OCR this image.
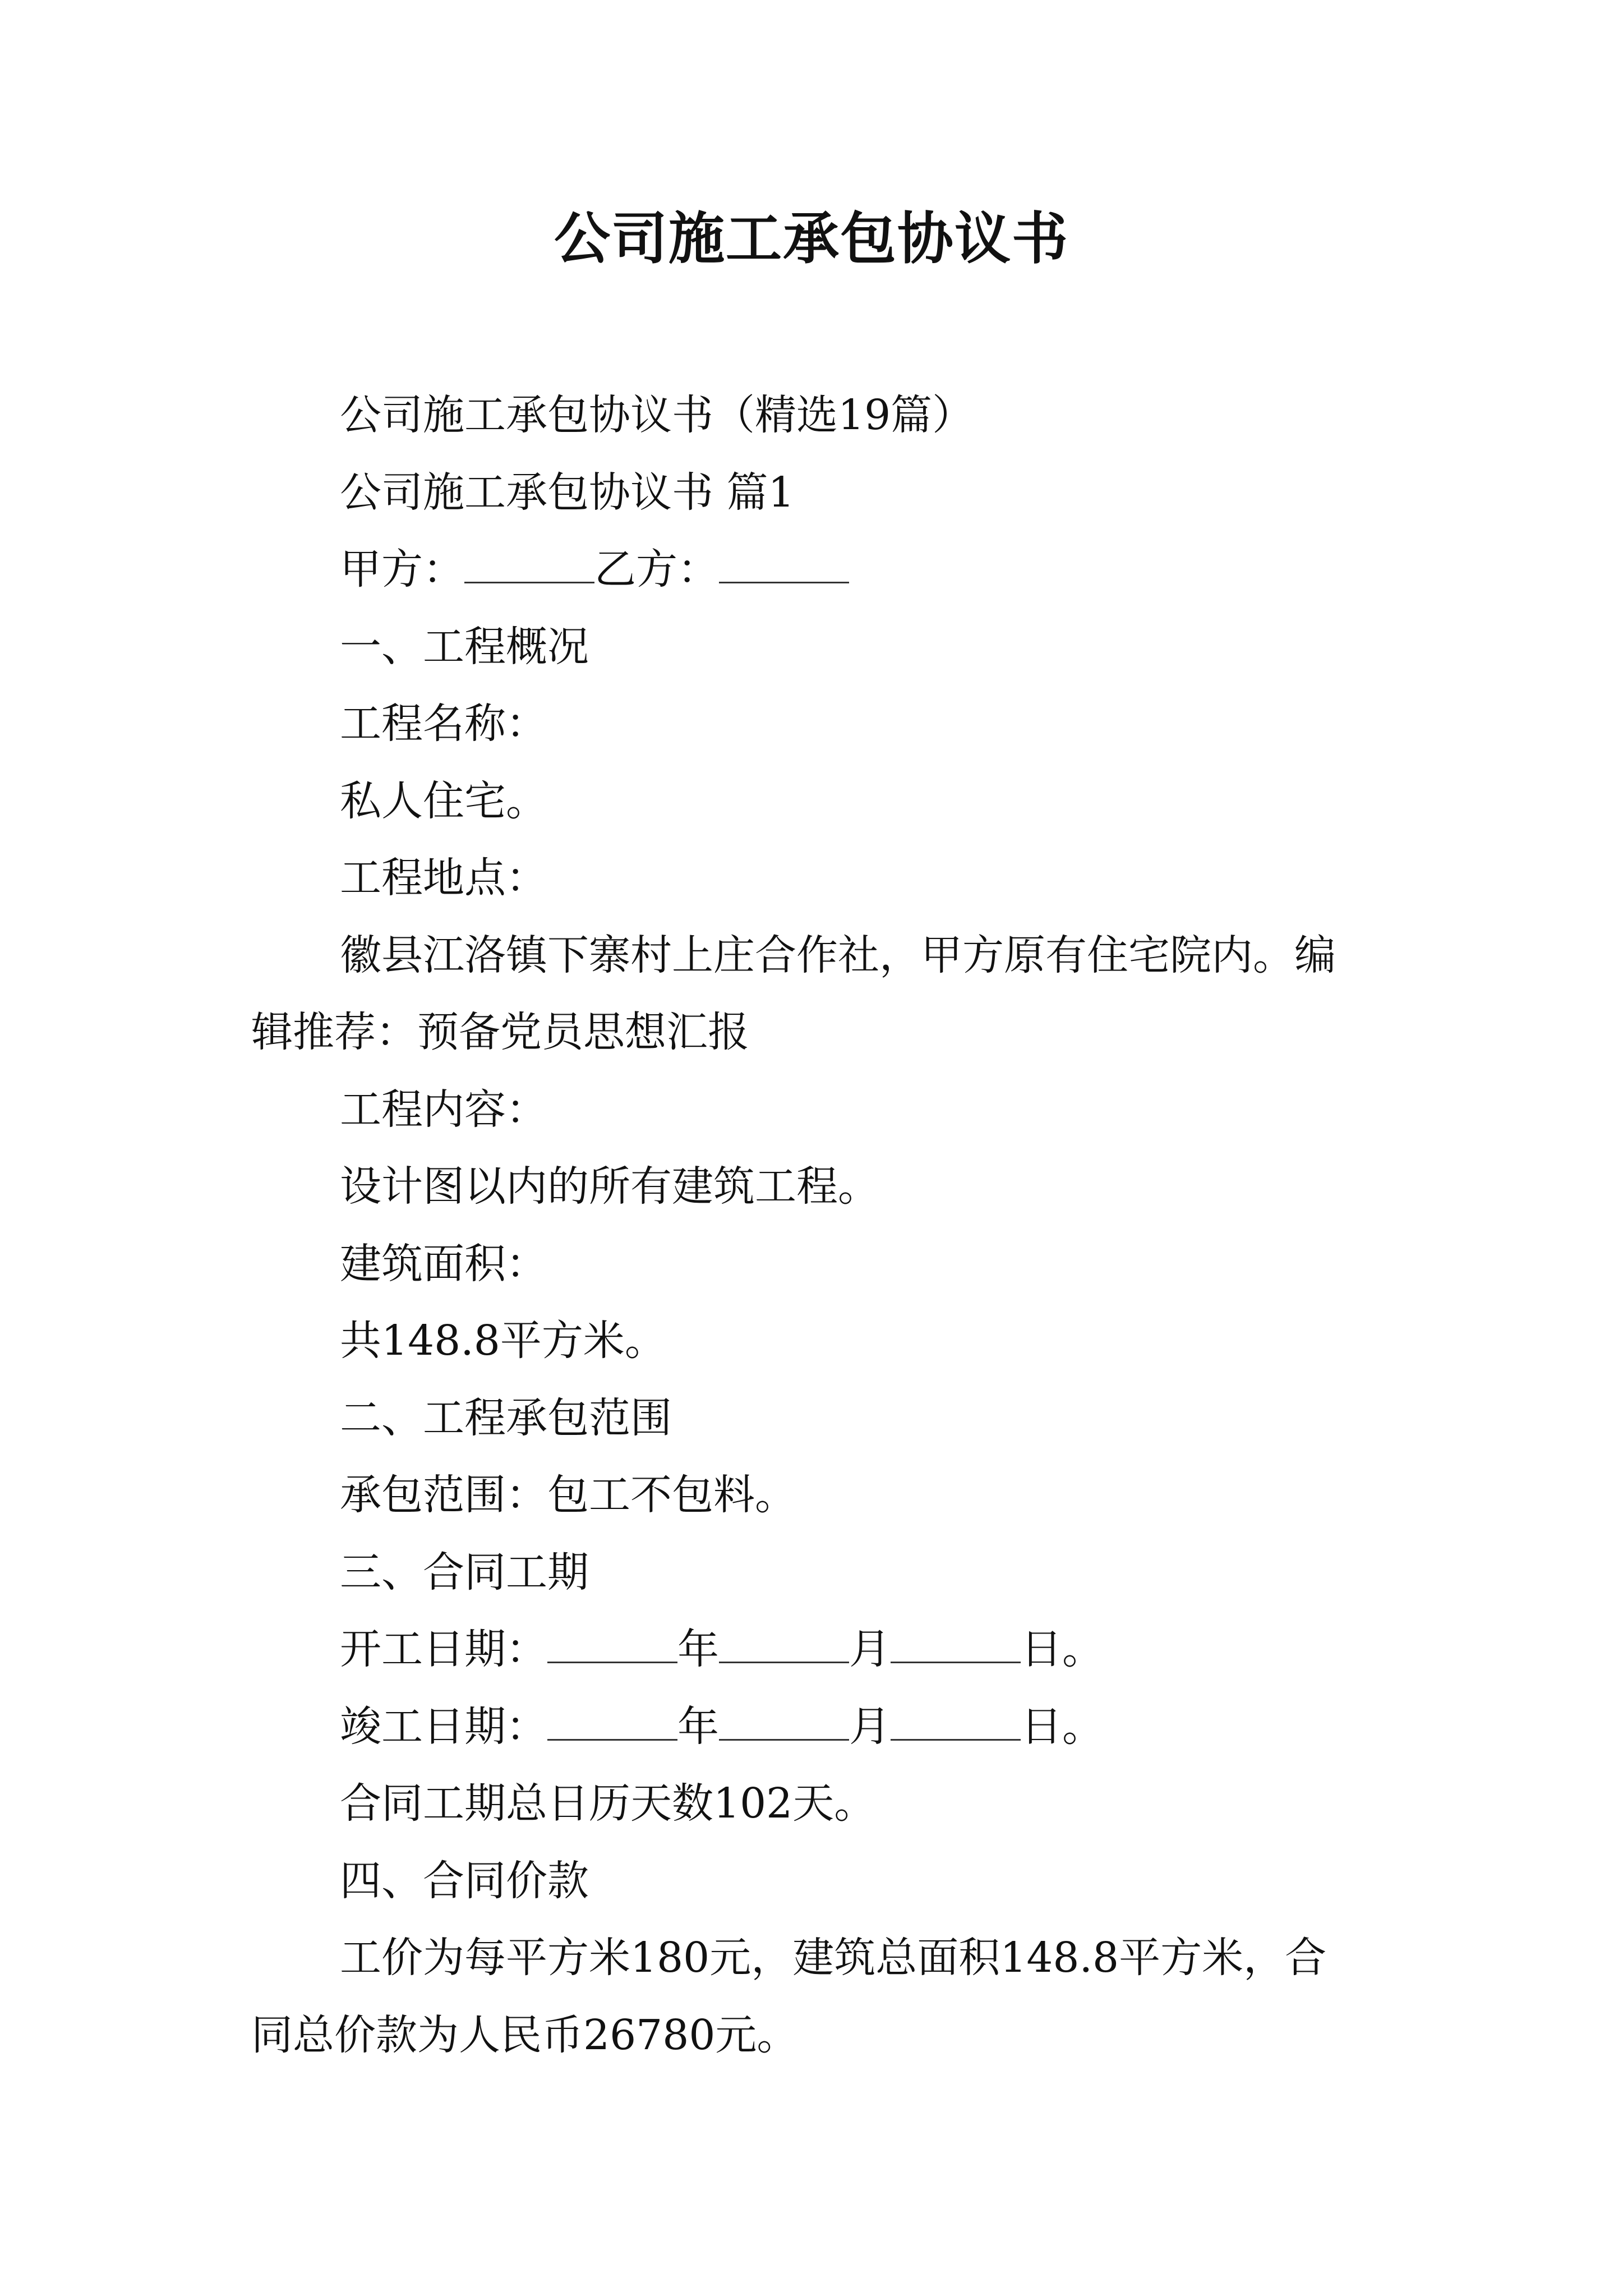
公司施工承包协议书

公司施工承包协议书（精选19篇）

公司施工承包协议书 篇1

甲方：	乙方：

一、工程概况

工程名称：

私人住宅。

工程地点：

徽县江洛镇下寨村上庄合作社，甲方原有住宅院内。编

辑推荐：预备党员思想汇报

工程内容：

设计图以内的所有建筑工程。

建筑面积：

共148.8平方米。

二、工程承包范围

承包范围：包工不包料。

三、合同工期

开工日期：	年	月	日。

竣工日期：	年	月	日。

合同工期总日历天数102天。

四、合同价款

工价为每平方米180元，建筑总面积148.8平方米，合

同总价款为人民币26780元。
